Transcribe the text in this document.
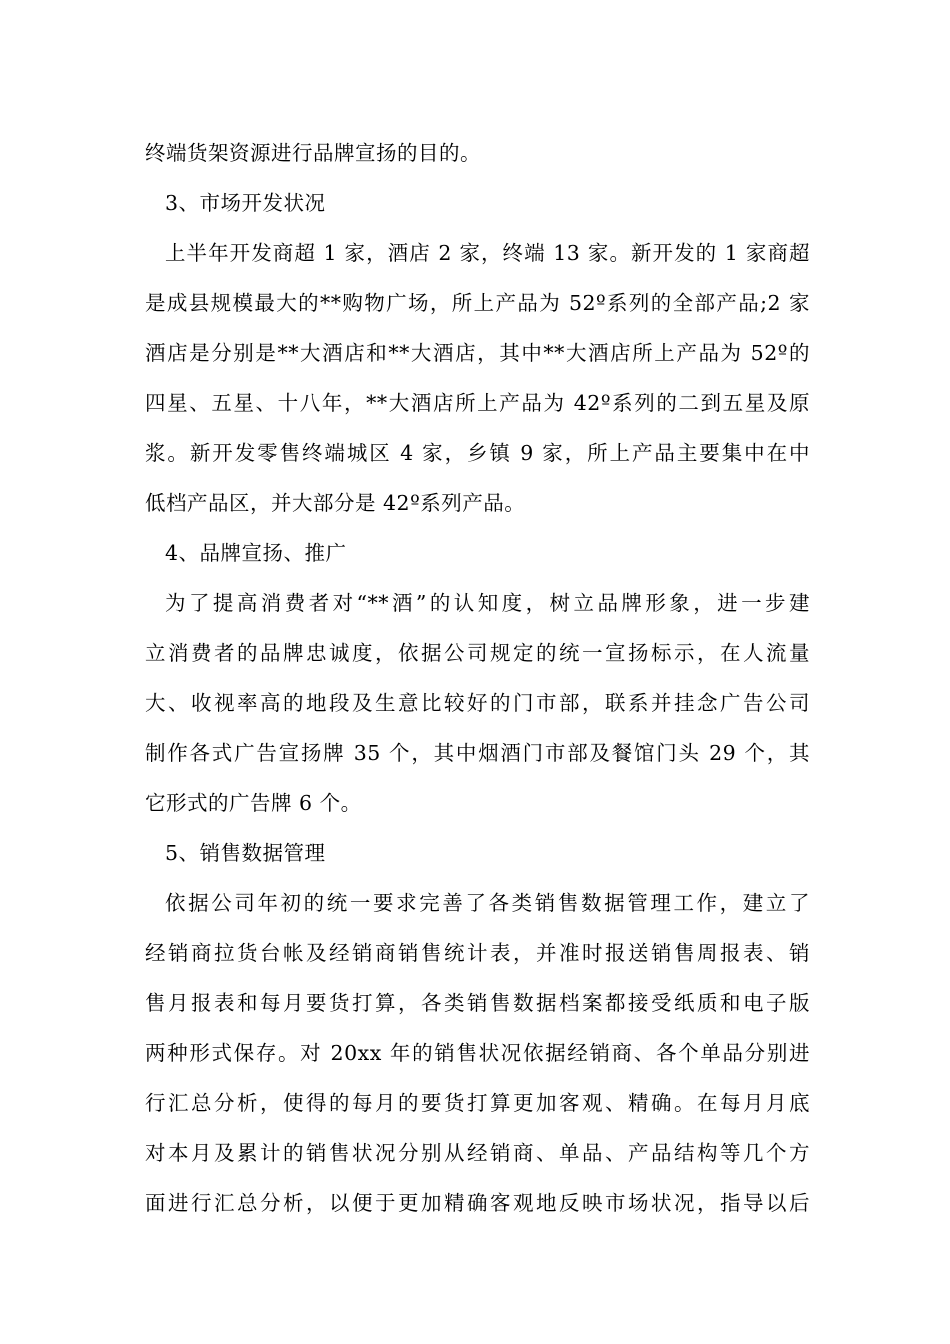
终端货架资源进行品牌宣扬的目的。
3、市场开发状况
上半年开发商超 1 家，酒店 2 家，终端 13 家。新开发的 1 家商超
是成县规模最大的**购物广场，所上产品为 52º系列的全部产品;2 家
酒店是分别是**大酒店和**大酒店，其中**大酒店所上产品为 52º的
四星、五星、十八年，**大酒店所上产品为 42º系列的二到五星及原
浆。新开发零售终端城区 4 家，乡镇 9 家，所上产品主要集中在中
低档产品区，并大部分是 42º系列产品。
4、品牌宣扬、推广
为了提高消费者对“**酒”的认知度，树立品牌形象，进一步建
立消费者的品牌忠诚度，依据公司规定的统一宣扬标示，在人流量
大、收视率高的地段及生意比较好的门市部，联系并挂念广告公司
制作各式广告宣扬牌 35 个，其中烟酒门市部及餐馆门头 29 个，其
它形式的广告牌 6 个。
5、销售数据管理
依据公司年初的统一要求完善了各类销售数据管理工作，建立了
经销商拉货台帐及经销商销售统计表，并准时报送销售周报表、销
售月报表和每月要货打算，各类销售数据档案都接受纸质和电子版
两种形式保存。对 20xx 年的销售状况依据经销商、各个单品分别进
行汇总分析，使得的每月的要货打算更加客观、精确。在每月月底
对本月及累计的销售状况分别从经销商、单品、产品结构等几个方
面进行汇总分析，以便于更加精确客观地反映市场状况，指导以后
